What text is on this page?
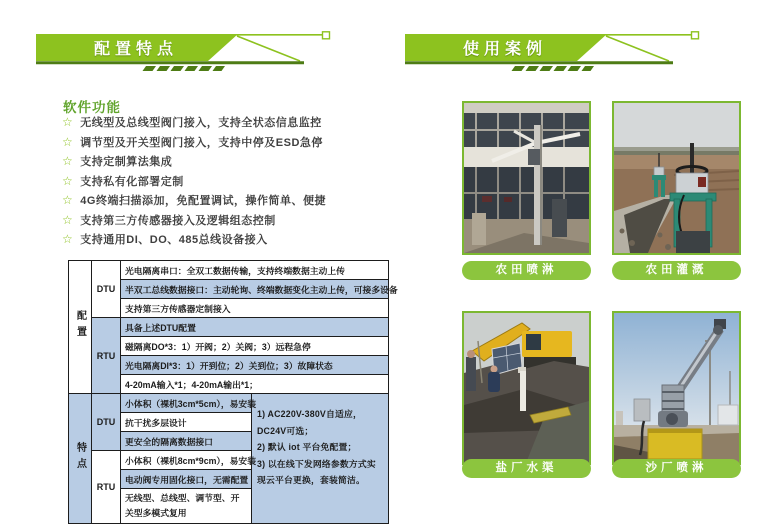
配置特点	使用案例
软件功能
☆ 无线型及总线型阀门接入，支持全状态信息监控
☆ 调节型及开关型阀门接入，支持中停及ESD急停
☆ 支持定制算法集成
☆ 支持私有化部署定制
☆ 4G终端扫描添加，免配置调试，操作简单、便捷
☆ 支持第三方传感器接入及逻辑组态控制
☆ 支持通用DI、DO、485总线设备接入
配置	DTU	光电隔离串口：全双工数据传输，支持终端数据主动上传	
		半双工总线数据接口：主动轮询、终端数据变化主动上传，可接多设备	
		支持第三方传感器定制接入	
	RTU	具备上述DTU配置	
		磁隔离DO*3：1）开阀；2）关阀；3）远程急停	
		光电隔离DI*3：1）开到位；2）关到位；3）故障状态	
		4-20mA输入*1；4-20mA输出*1；	
特点	DTU	小体积（裸机3cm*5cm），易安装	1) AC220V-380V自适应，DC24V可选；
2) 默认 iot 平台免配置；
3) 以在线下发网络参数方式实现云平台更换，套装简洁。

		抗干扰多层设计	
		更安全的隔离数据接口	
	RTU	小体积（裸机8cm*9cm），易安装	
		电动阀专用固化接口，无需配置	
		无线型、总线型、调节型、开关型多模式复用	
农田喷淋	农田灌溉
盐厂水渠	沙厂喷淋
